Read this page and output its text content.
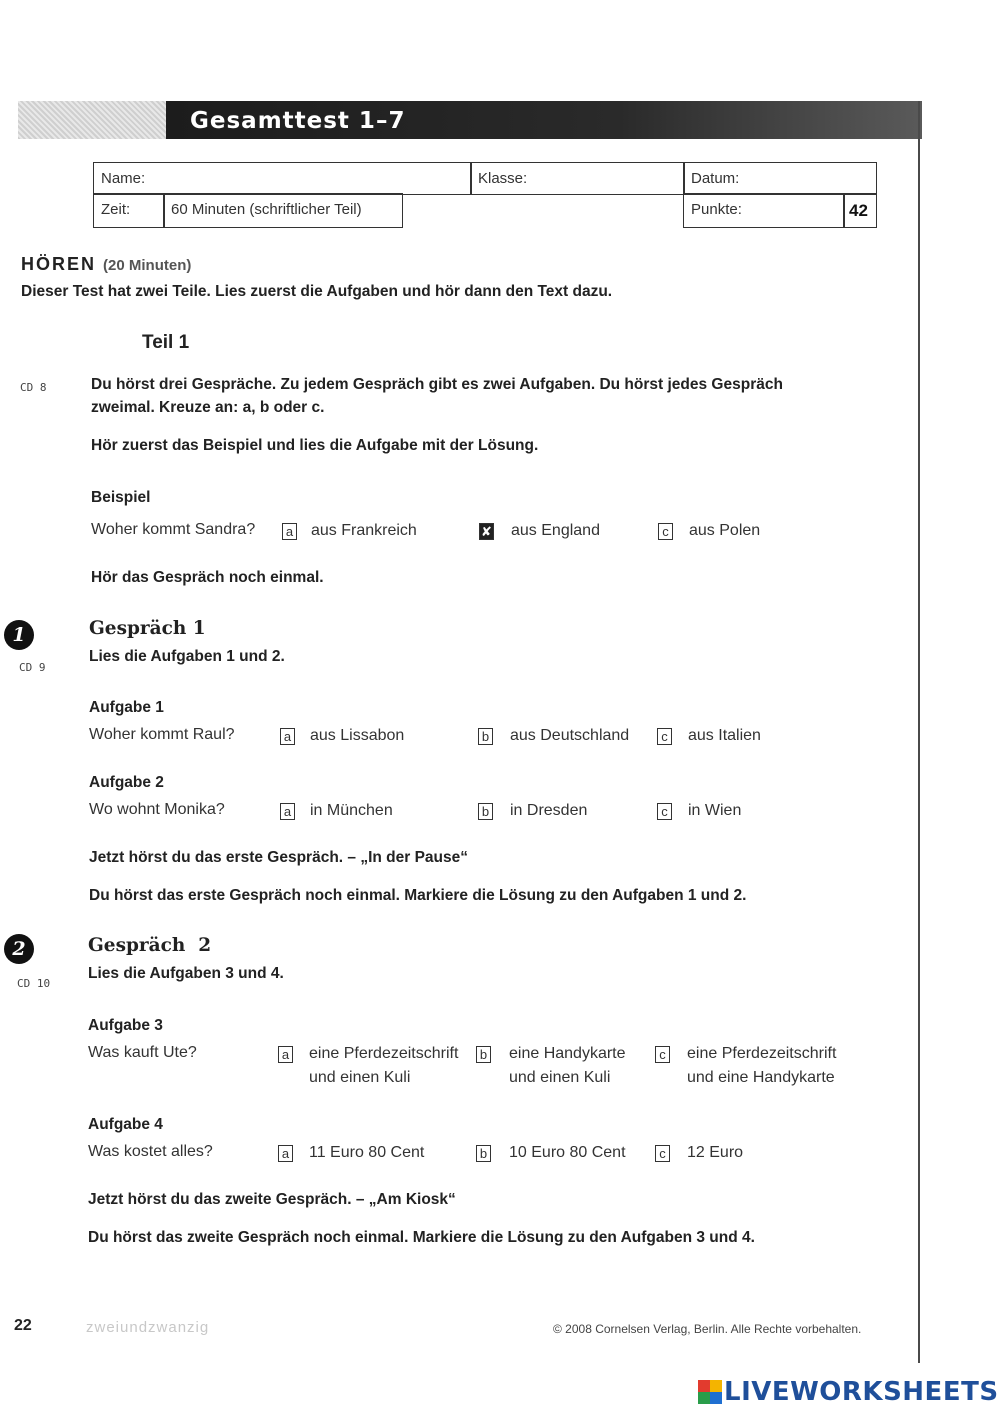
Gesamttest 1–7
Name:	Klasse:	Datum:
Zeit:	60 Minuten (schriftlicher Teil)	Punkte:	42
HÖREN (20 Minuten)
Dieser Test hat zwei Teile. Lies zuerst die Aufgaben und hör dann den Text dazu.
Teil 1
CD 8	Du hörst drei Gespräche. Zu jedem Gespräch gibt es zwei Aufgaben. Du hörst jedes Gespräch
zweimal. Kreuze an: a, b oder c.
Hör zuerst das Beispiel und lies die Aufgabe mit der Lösung.
Beispiel
Woher kommt Sandra? a aus Frankreich	✘ aus England	c aus Polen
Hör das Gespräch noch einmal.
1
CD 9
Gespräch 1
Lies die Aufgaben 1 und 2.
Aufgabe 1
Woher kommt Raul?	a aus Lissabon	b aus Deutschland	c aus Italien
Aufgabe 2
Wo wohnt Monika?	a in München	b in Dresden	c in Wien
Jetzt hörst du das erste Gespräch. – „In der Pause“
Du hörst das erste Gespräch noch einmal. Markiere die Lösung zu den Aufgaben 1 und 2.
2
CD 10
Gespräch  2
Lies die Aufgaben 3 und 4.
Aufgabe 3
Was kauft Ute?	a eine Pferdezeitschrift
und einen Kuli
b eine Handykarte
und einen Kuli
c eine Pferdezeitschrift
und eine Handykarte
Aufgabe 4
Was kostet alles?	a 11 Euro 80 Cent	b 10 Euro 80 Cent	c 12 Euro
Jetzt hörst du das zweite Gespräch. – „Am Kiosk“
Du hörst das zweite Gespräch noch einmal. Markiere die Lösung zu den Aufgaben 3 und 4.
22	zweiundzwanzig	© 2008 Cornelsen Verlag, Berlin. Alle Rechte vorbehalten.
LIVEWORKSHEETS
